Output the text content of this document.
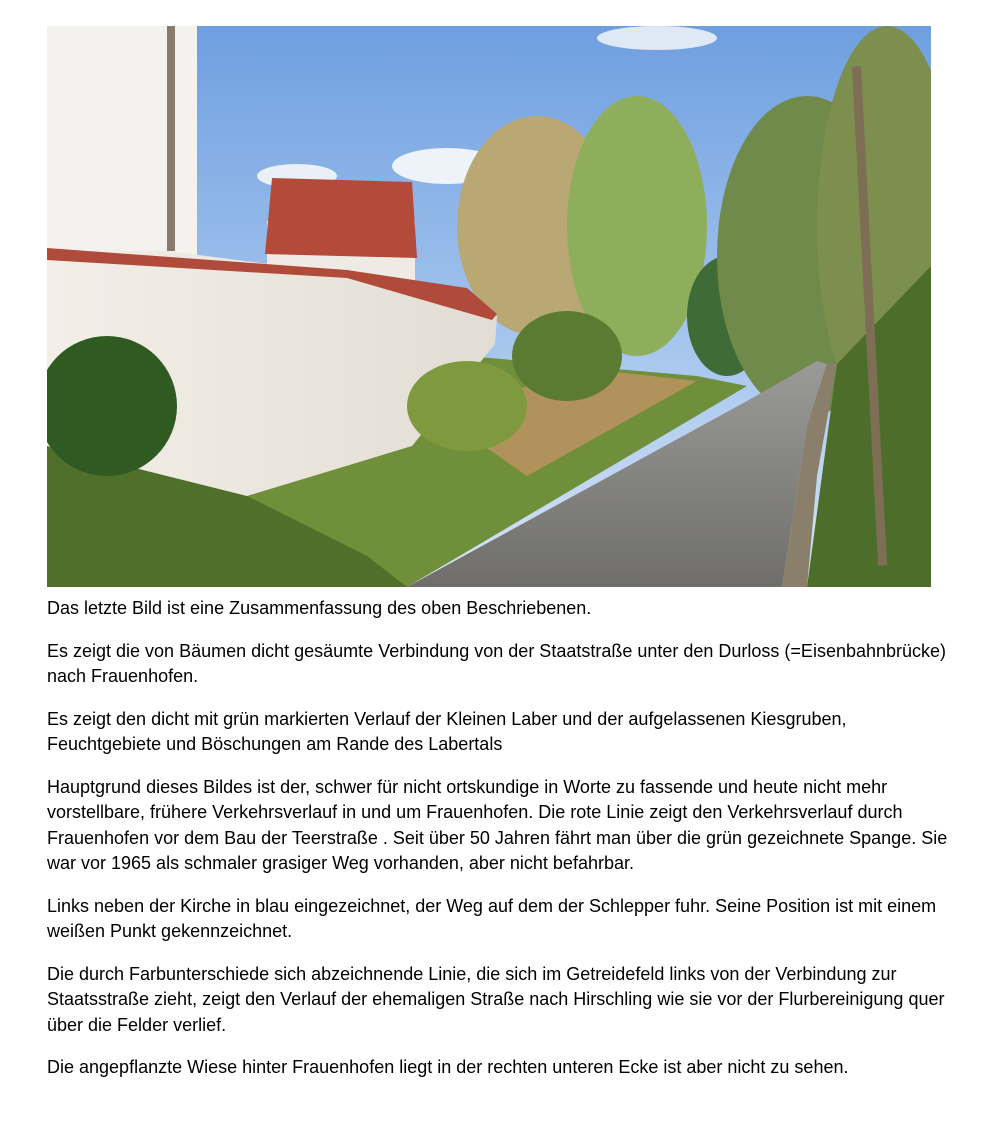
Das letzte Bild ist eine Zusammenfassung des oben Beschriebenen.

Es zeigt die von Bäumen dicht gesäumte Verbindung von der Staatstraße unter den Durloss (=Eisenbahnbrücke) nach Frauenhofen.

Es zeigt den dicht mit grün markierten Verlauf der Kleinen Laber und der aufgelassenen Kiesgruben, Feuchtgebiete und Böschungen am Rande des Labertals

Hauptgrund dieses Bildes ist der, schwer für nicht ortskundige in Worte zu fassende und heute nicht mehr vorstellbare, frühere Verkehrsverlauf in und um Frauenhofen. Die rote Linie zeigt den Verkehrsverlauf durch Frauenhofen vor dem Bau der Teerstraße . Seit über 50 Jahren fährt man über die grün gezeichnete Spange. Sie war vor 1965 als schmaler grasiger Weg vorhanden, aber nicht befahrbar.

Links neben der Kirche in blau eingezeichnet, der Weg auf dem der Schlepper fuhr. Seine Position ist mit einem weißen Punkt gekennzeichnet.

Die durch Farbunterschiede sich abzeichnende Linie, die sich im Getreidefeld links von der Verbindung zur Staatsstraße zieht, zeigt den Verlauf der ehemaligen Straße nach Hirschling wie sie vor der Flurbereinigung quer über die Felder verlief.

Die angepflanzte Wiese hinter Frauenhofen liegt in der rechten unteren Ecke ist aber nicht zu sehen.
